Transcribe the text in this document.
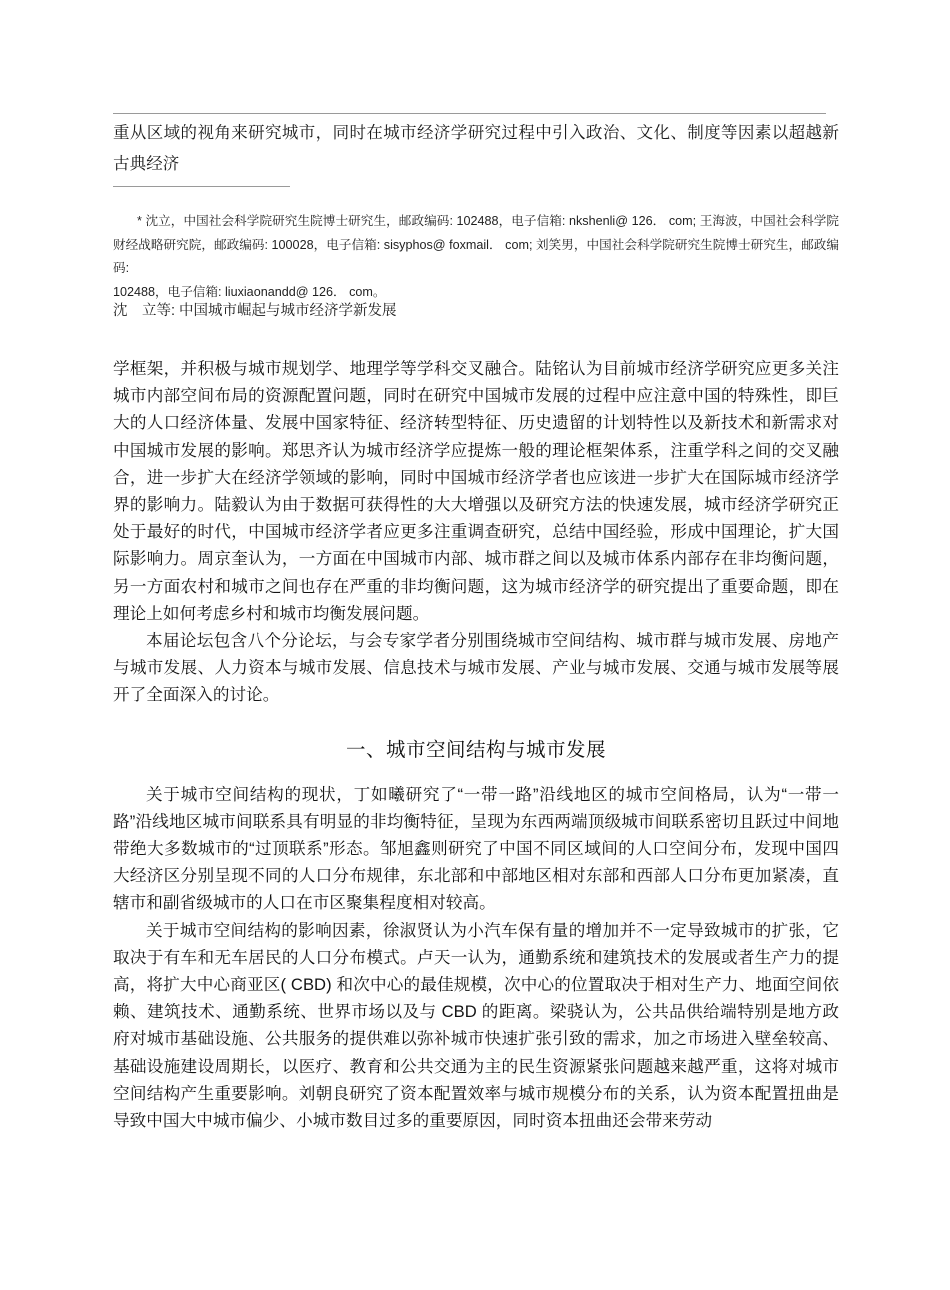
重从区域的视角来研究城市，同时在城市经济学研究过程中引入政治、文化、制度等因素以超越新古典经济

* 沈立，中国社会科学院研究生院博士研究生，邮政编码: 102488，电子信箱: nkshenli@ 126． com; 王海波，中国社会科学院财经战略研究院，邮政编码: 100028，电子信箱: sisyphos@ foxmail． com; 刘笑男，中国社会科学院研究生院博士研究生，邮政编码:

102488，电子信箱: liuxiaonandd@ 126． com。

沈　立等: 中国城市崛起与城市经济学新发展

学框架，并积极与城市规划学、地理学等学科交叉融合。陆铭认为目前城市经济学研究应更多关注城市内部空间布局的资源配置问题，同时在研究中国城市发展的过程中应注意中国的特殊性，即巨大的人口经济体量、发展中国家特征、经济转型特征、历史遗留的计划特性以及新技术和新需求对中国城市发展的影响。郑思齐认为城市经济学应提炼一般的理论框架体系，注重学科之间的交叉融合，进一步扩大在经济学领域的影响，同时中国城市经济学者也应该进一步扩大在国际城市经济学界的影响力。陆毅认为由于数据可获得性的大大增强以及研究方法的快速发展，城市经济学研究正处于最好的时代，中国城市经济学者应更多注重调查研究，总结中国经验，形成中国理论，扩大国际影响力。周京奎认为，一方面在中国城市内部、城市群之间以及城市体系内部存在非均衡问题，另一方面农村和城市之间也存在严重的非均衡问题，这为城市经济学的研究提出了重要命题，即在理论上如何考虑乡村和城市均衡发展问题。

本届论坛包含八个分论坛，与会专家学者分别围绕城市空间结构、城市群与城市发展、房地产与城市发展、人力资本与城市发展、信息技术与城市发展、产业与城市发展、交通与城市发展等展开了全面深入的讨论。

一、城市空间结构与城市发展

关于城市空间结构的现状，丁如曦研究了“一带一路”沿线地区的城市空间格局，认为“一带一路”沿线地区城市间联系具有明显的非均衡特征，呈现为东西两端顶级城市间联系密切且跃过中间地带绝大多数城市的“过顶联系”形态。邹旭鑫则研究了中国不同区域间的人口空间分布，发现中国四大经济区分别呈现不同的人口分布规律，东北部和中部地区相对东部和西部人口分布更加紧凑，直辖市和副省级城市的人口在市区聚集程度相对较高。

关于城市空间结构的影响因素，徐淑贤认为小汽车保有量的增加并不一定导致城市的扩张，它取决于有车和无车居民的人口分布模式。卢天一认为，通勤系统和建筑技术的发展或者生产力的提高，将扩大中心商亚区( CBD) 和次中心的最佳规模，次中心的位置取决于相对生产力、地面空间依赖、建筑技术、通勤系统、世界市场以及与 CBD 的距离。梁骁认为，公共品供给端特别是地方政府对城市基础设施、公共服务的提供难以弥补城市快速扩张引致的需求，加之市场进入壁垒较高、基础设施建设周期长，以医疗、教育和公共交通为主的民生资源紧张问题越来越严重，这将对城市空间结构产生重要影响。刘朝良研究了资本配置效率与城市规模分布的关系，认为资本配置扭曲是导致中国大中城市偏少、小城市数目过多的重要原因，同时资本扭曲还会带来劳动
